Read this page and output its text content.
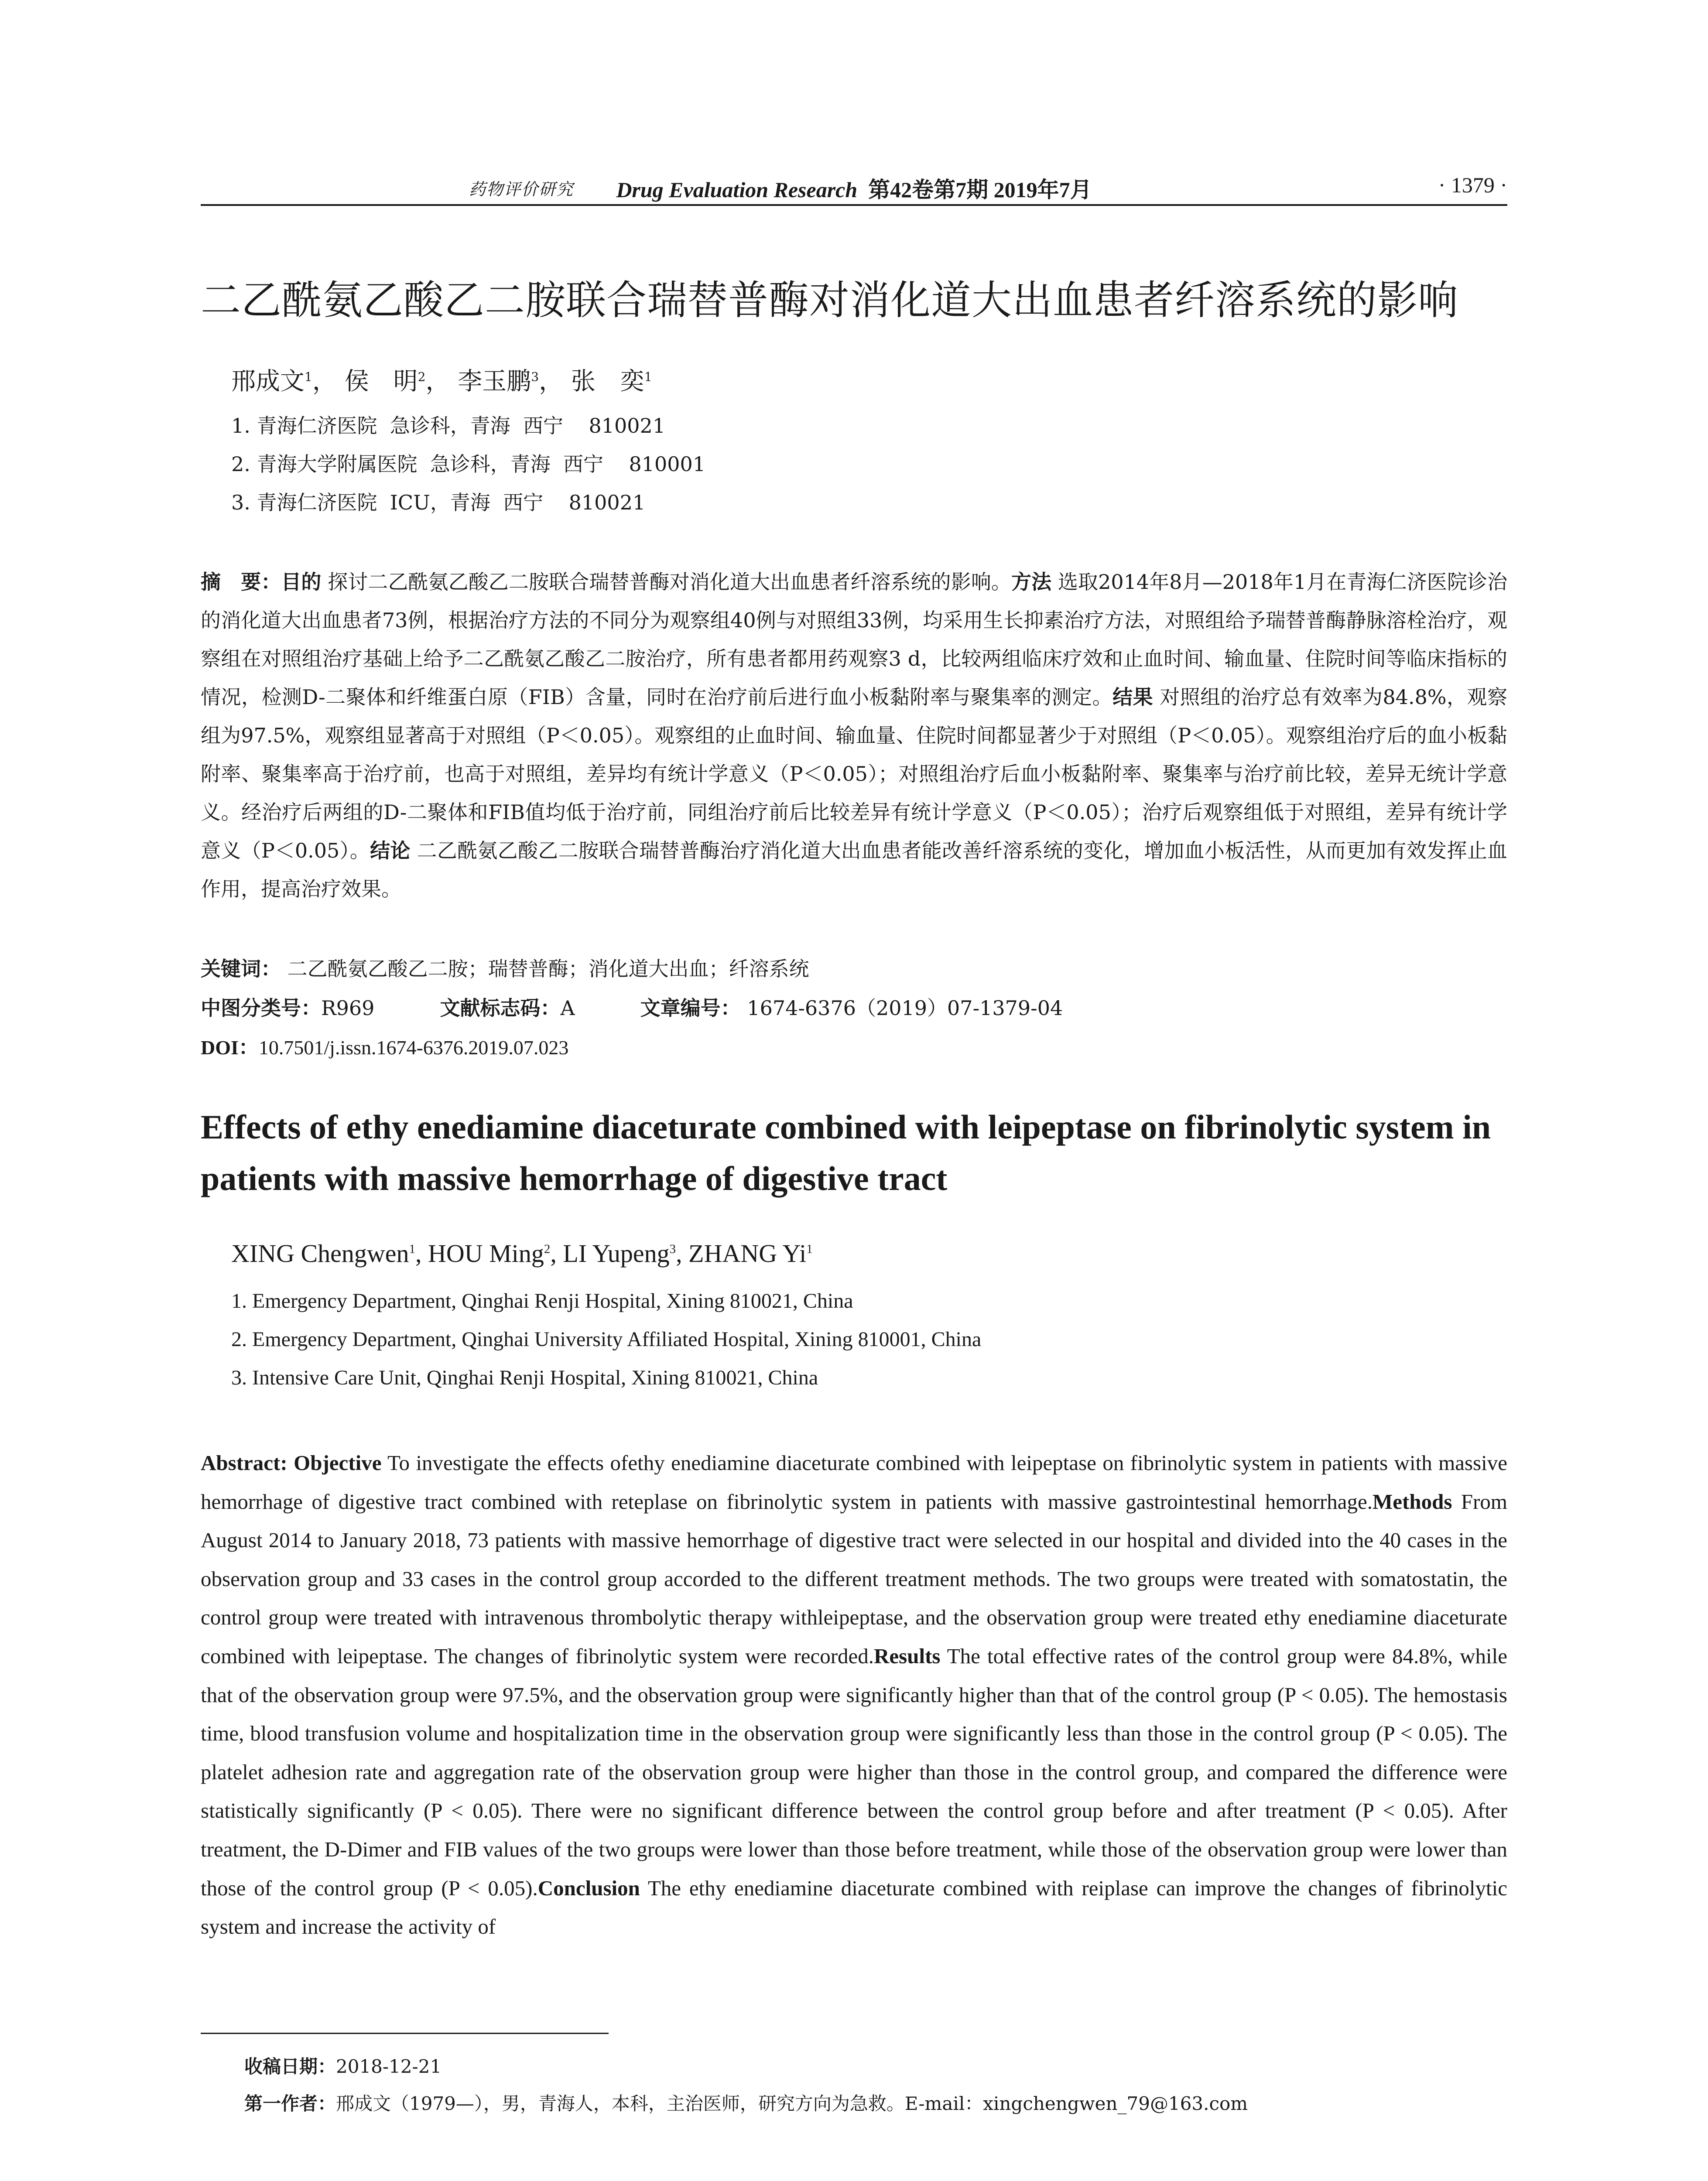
药物评价研究	Drug Evaluation Research 第42卷第7期 2019年7月	· 1379 ·
二乙酰氨乙酸乙二胺联合瑞替普酶对消化道大出血患者纤溶系统的影响
邢成文$^1$， 侯　明$^2$， 李玉鹏$^3$， 张　奕$^1$
1. 青海仁济医院  急诊科，青海  西宁    810021
2. 青海大学附属医院  急诊科，青海  西宁    810001
3. 青海仁济医院  ICU，青海  西宁    810021
摘　要：目的 探讨二乙酰氨乙酸乙二胺联合瑞替普酶对消化道大出血患者纤溶系统的影响。方法 选取2014年8月—2018年1月在青海仁济医院诊治的消化道大出血患者73例，根据治疗方法的不同分为观察组40例与对照组33例，均采用生长抑素治疗方法，对照组给予瑞替普酶静脉溶栓治疗，观察组在对照组治疗基础上给予二乙酰氨乙酸乙二胺治疗，所有患者都用药观察3 d，比较两组临床疗效和止血时间、输血量、住院时间等临床指标的情况，检测D-二聚体和纤维蛋白原（FIB）含量，同时在治疗前后进行血小板黏附率与聚集率的测定。结果 对照组的治疗总有效率为84.8%，观察组为97.5%，观察组显著高于对照组（P＜0.05）。观察组的止血时间、输血量、住院时间都显著少于对照组（P＜0.05）。观察组治疗后的血小板黏附率、聚集率高于治疗前，也高于对照组，差异均有统计学意义（P＜0.05）；对照组治疗后血小板黏附率、聚集率与治疗前比较，差异无统计学意义。经治疗后两组的D-二聚体和FIB值均低于治疗前，同组治疗前后比较差异有统计学意义（P＜0.05）；治疗后观察组低于对照组，差异有统计学意义（P＜0.05）。结论 二乙酰氨乙酸乙二胺联合瑞替普酶治疗消化道大出血患者能改善纤溶系统的变化，增加血小板活性，从而更加有效发挥止血作用，提高治疗效果。
关键词： 二乙酰氨乙酸乙二胺；瑞替普酶；消化道大出血；纤溶系统
中图分类号：R969	文献标志码：A	文章编号： 1674-6376（2019）07-1379-04
DOI：10.7501/j.issn.1674-6376.2019.07.023
Effects of ethy enediamine diaceturate combined with leipeptase on fibrinolytic system in patients with massive hemorrhage of digestive tract
XING Chengwen$^1$, HOU Ming$^2$, LI Yupeng$^3$, ZHANG Yi$^1$
1. Emergency Department, Qinghai Renji Hospital, Xining 810021, China
2. Emergency Department, Qinghai University Affiliated Hospital, Xining 810001, China
3. Intensive Care Unit, Qinghai Renji Hospital, Xining 810021, China
Abstract: Objective To investigate the effects ofethy enediamine diaceturate combined with leipeptase on fibrinolytic system in patients with massive hemorrhage of digestive tract combined with reteplase on fibrinolytic system in patients with massive gastrointestinal hemorrhage.Methods From August 2014 to January 2018, 73 patients with massive hemorrhage of digestive tract were selected in our hospital and divided into the 40 cases in the observation group and 33 cases in the control group accorded to the different treatment methods. The two groups were treated with somatostatin, the control group were treated with intravenous thrombolytic therapy withleipeptase, and the observation group were treated ethy enediamine diaceturate combined with leipeptase. The changes of fibrinolytic system were recorded.Results The total effective rates of the control group were 84.8%, while that of the observation group were 97.5%, and the observation group were significantly higher than that of the control group (P < 0.05). The hemostasis time, blood transfusion volume and hospitalization time in the observation group were significantly less than those in the control group (P < 0.05). The platelet adhesion rate and aggregation rate of the observation group were higher than those in the control group, and compared the difference were statistically significantly (P < 0.05). There were no significant difference between the control group before and after treatment (P < 0.05). After treatment, the D-Dimer and FIB values of the two groups were lower than those before treatment, while those of the observation group were lower than those of the control group (P < 0.05).Conclusion The ethy enediamine diaceturate combined with reiplase can improve the changes of fibrinolytic system and increase the activity of
收稿日期：2018-12-21
第一作者：邢成文（1979—），男，青海人，本科，主治医师，研究方向为急救。E-mail：xingchengwen_79@163.com
